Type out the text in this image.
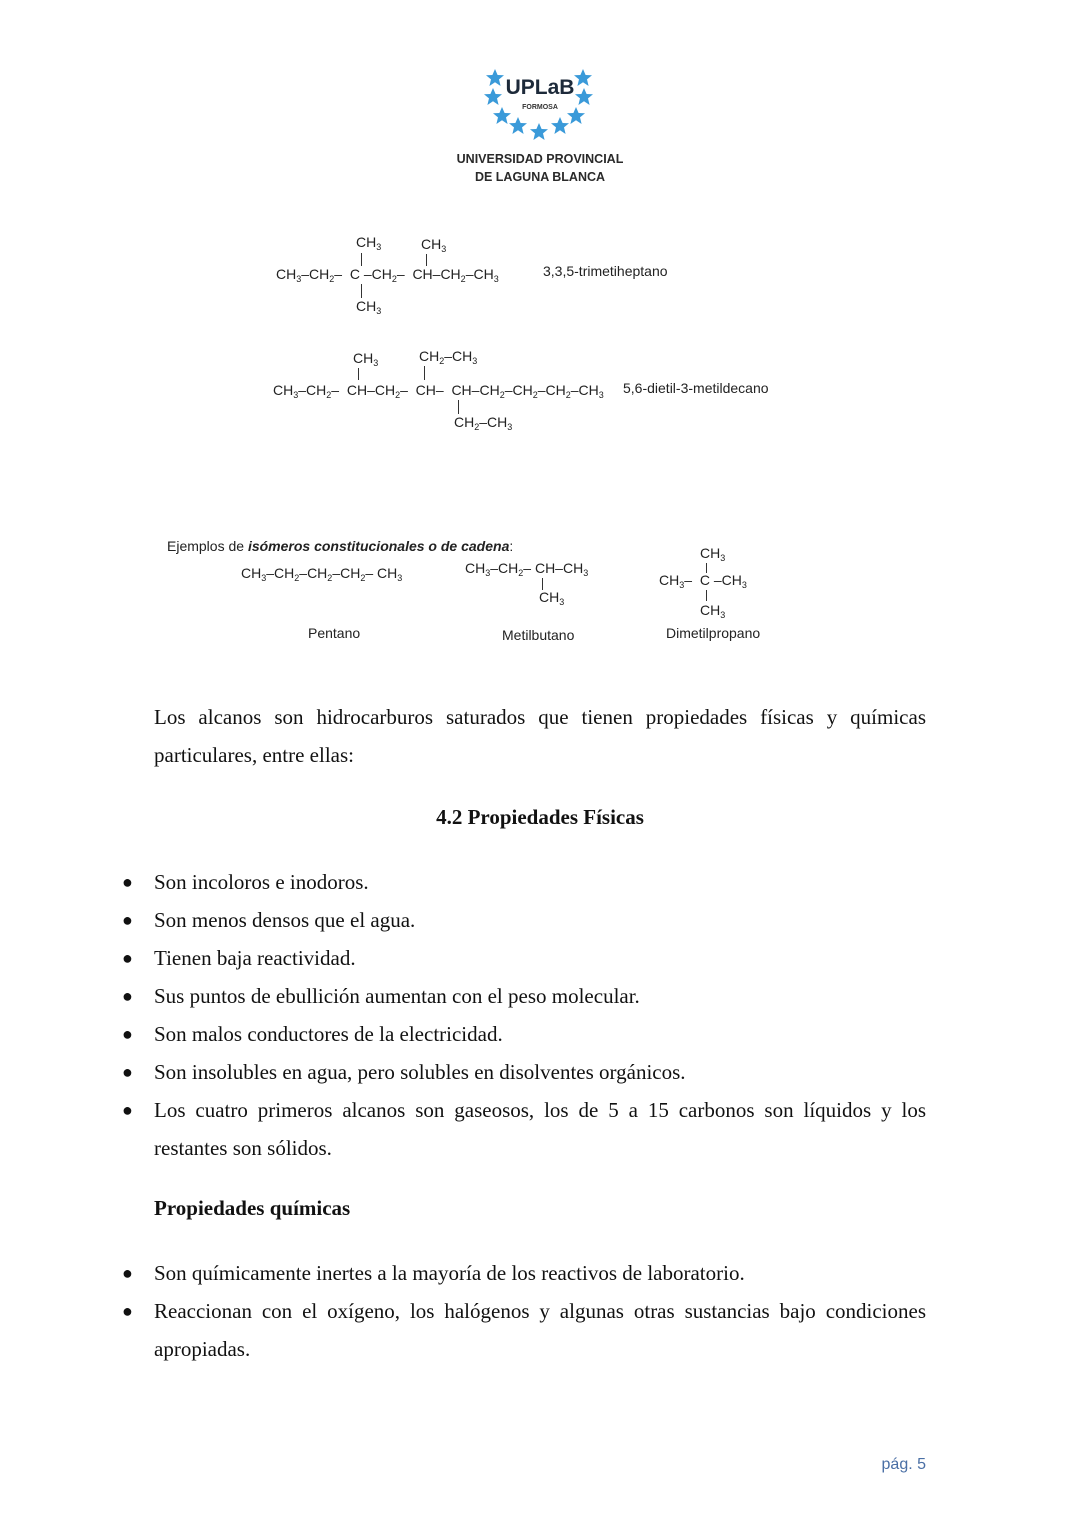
UPLaB
FORMOSA
UNIVERSIDAD PROVINCIAL
DE LAGUNA BLANCA
$CH_3$	$CH_3$
$CH_3-CH_2-$  C $-CH_2-$  $CH-CH_2-CH_3$
$CH_3$
3,3,5-trimetiheptano
$CH_3$	$CH_2-CH_3$
$CH_3-CH_2-$  $CH-CH_2-$  CH–  $CH-CH_2-CH_2-CH_2-CH_3$
$CH_2-CH_3$
5,6-dietil-3-metildecano
Ejemplos de isómeros constitucionales o de cadena:
$CH_3-CH_2-CH_2-CH_2-$ $CH_3$
$CH_3-CH_2-$ $CH-CH_3$
$CH_3$
$CH_3$
$CH_3-$  C $-CH_3$
$CH_3$
Pentano	Metilbutano	Dimetilpropano

Los alcanos son hidrocarburos saturados que tienen propiedades físicas y químicas particulares, entre ellas:

4.2 Propiedades Físicas
● Son incoloros e inodoros.
● Son menos densos que el agua.
● Tienen baja reactividad.
● Sus puntos de ebullición aumentan con el peso molecular.
● Son malos conductores de la electricidad.
● Son insolubles en agua, pero solubles en disolventes orgánicos.
● Los cuatro primeros alcanos son gaseosos, los de 5 a 15 carbonos son líquidos y los restantes son sólidos.
Propiedades químicas
● Son químicamente inertes a la mayoría de los reactivos de laboratorio.
● Reaccionan con el oxígeno, los halógenos y algunas otras sustancias bajo condiciones apropiadas.
pág. 5
